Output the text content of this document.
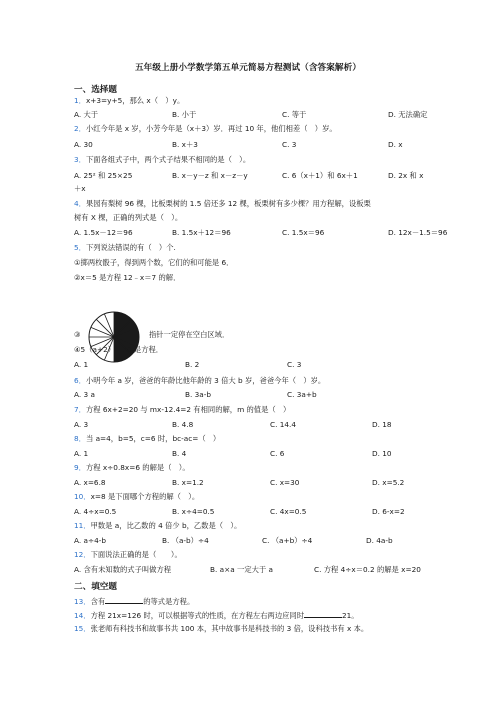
五年级上册小学数学第五单元简易方程测试（含答案解析）
一、选择题
1．x+3=y+5，那么 x（　）y。
A. 大于	B. 小于	C. 等于	D. 无法确定
2．小红今年是 x 岁，小芳今年是（x＋3）岁．再过 10 年，他们相差（　）岁。
A. 30	B. x＋3	C. 3	D. x
3．下面各组式子中，两个式子结果不相同的是（　）。
A. 25² 和 25×25	B. x－y－z 和 x－z－y	C. 6（x＋1）和 6x＋1	D. 2x 和 x
＋x
4．果园有梨树 96 棵，比板栗树的 1.5 倍还多 12 棵，板栗树有多少棵？用方程解，设板栗
树有 X 棵，正确的列式是（　）。
A. 1.5x－12＝96	B. 1.5x＋12＝96	C. 1.5x＝96	D. 12x－1.5＝96
5．下列说法错误的有（　）个.
①掷两枚骰子，得到两个数，它们的和可能是 6．
②x＝5 是方程 12﹣x＝7 的解．
③	指针一定停在空白区域．
④5（a+2）＝10 是方程．
A. 1	B. 2	C. 3
6．小明今年 a 岁，爸爸的年龄比他年龄的 3 倍大 b 岁，爸爸今年（　）岁。
A. 3 a	B. 3a-b	C. 3a+b
7．方程 6x+2=20 与 mx-12.4=2 有相同的解，m 的值是（　）
A. 3	B. 4.8	C. 14.4	D. 18
8．当 a=4，b=5，c=6 时，bc-ac=（　）
A. 1	B. 4	C. 6	D. 10
9．方程 x÷0.8x=6 的解是（　）。
A. x=6.8	B. x=1.2	C. x=30	D. x=5.2
10．x=8 是下面哪个方程的解（　）。
A. 4÷x=0.5	B. x÷4=0.5	C. 4x=0.5	D. 6-x=2
11．甲数是 a，比乙数的 4 倍少 b，乙数是（　）。
A. a÷4-b	B. （a-b）÷4	C. （a+b）÷4	D. 4a-b
12．下面说法正确的是（　　）。
A. 含有未知数的式子叫做方程	B. a×a 一定大于 a	C. 方程 4÷x＝0.2 的解是 x=20
二、填空题
13．含有	的等式是方程。
14．方程 21x=126 时，可以根据等式的性质，在方程左右两边应同时	21。
15．张老师有科技书和故事书共 100 本，其中故事书是科技书的 3 倍，设科技书有 x 本。
